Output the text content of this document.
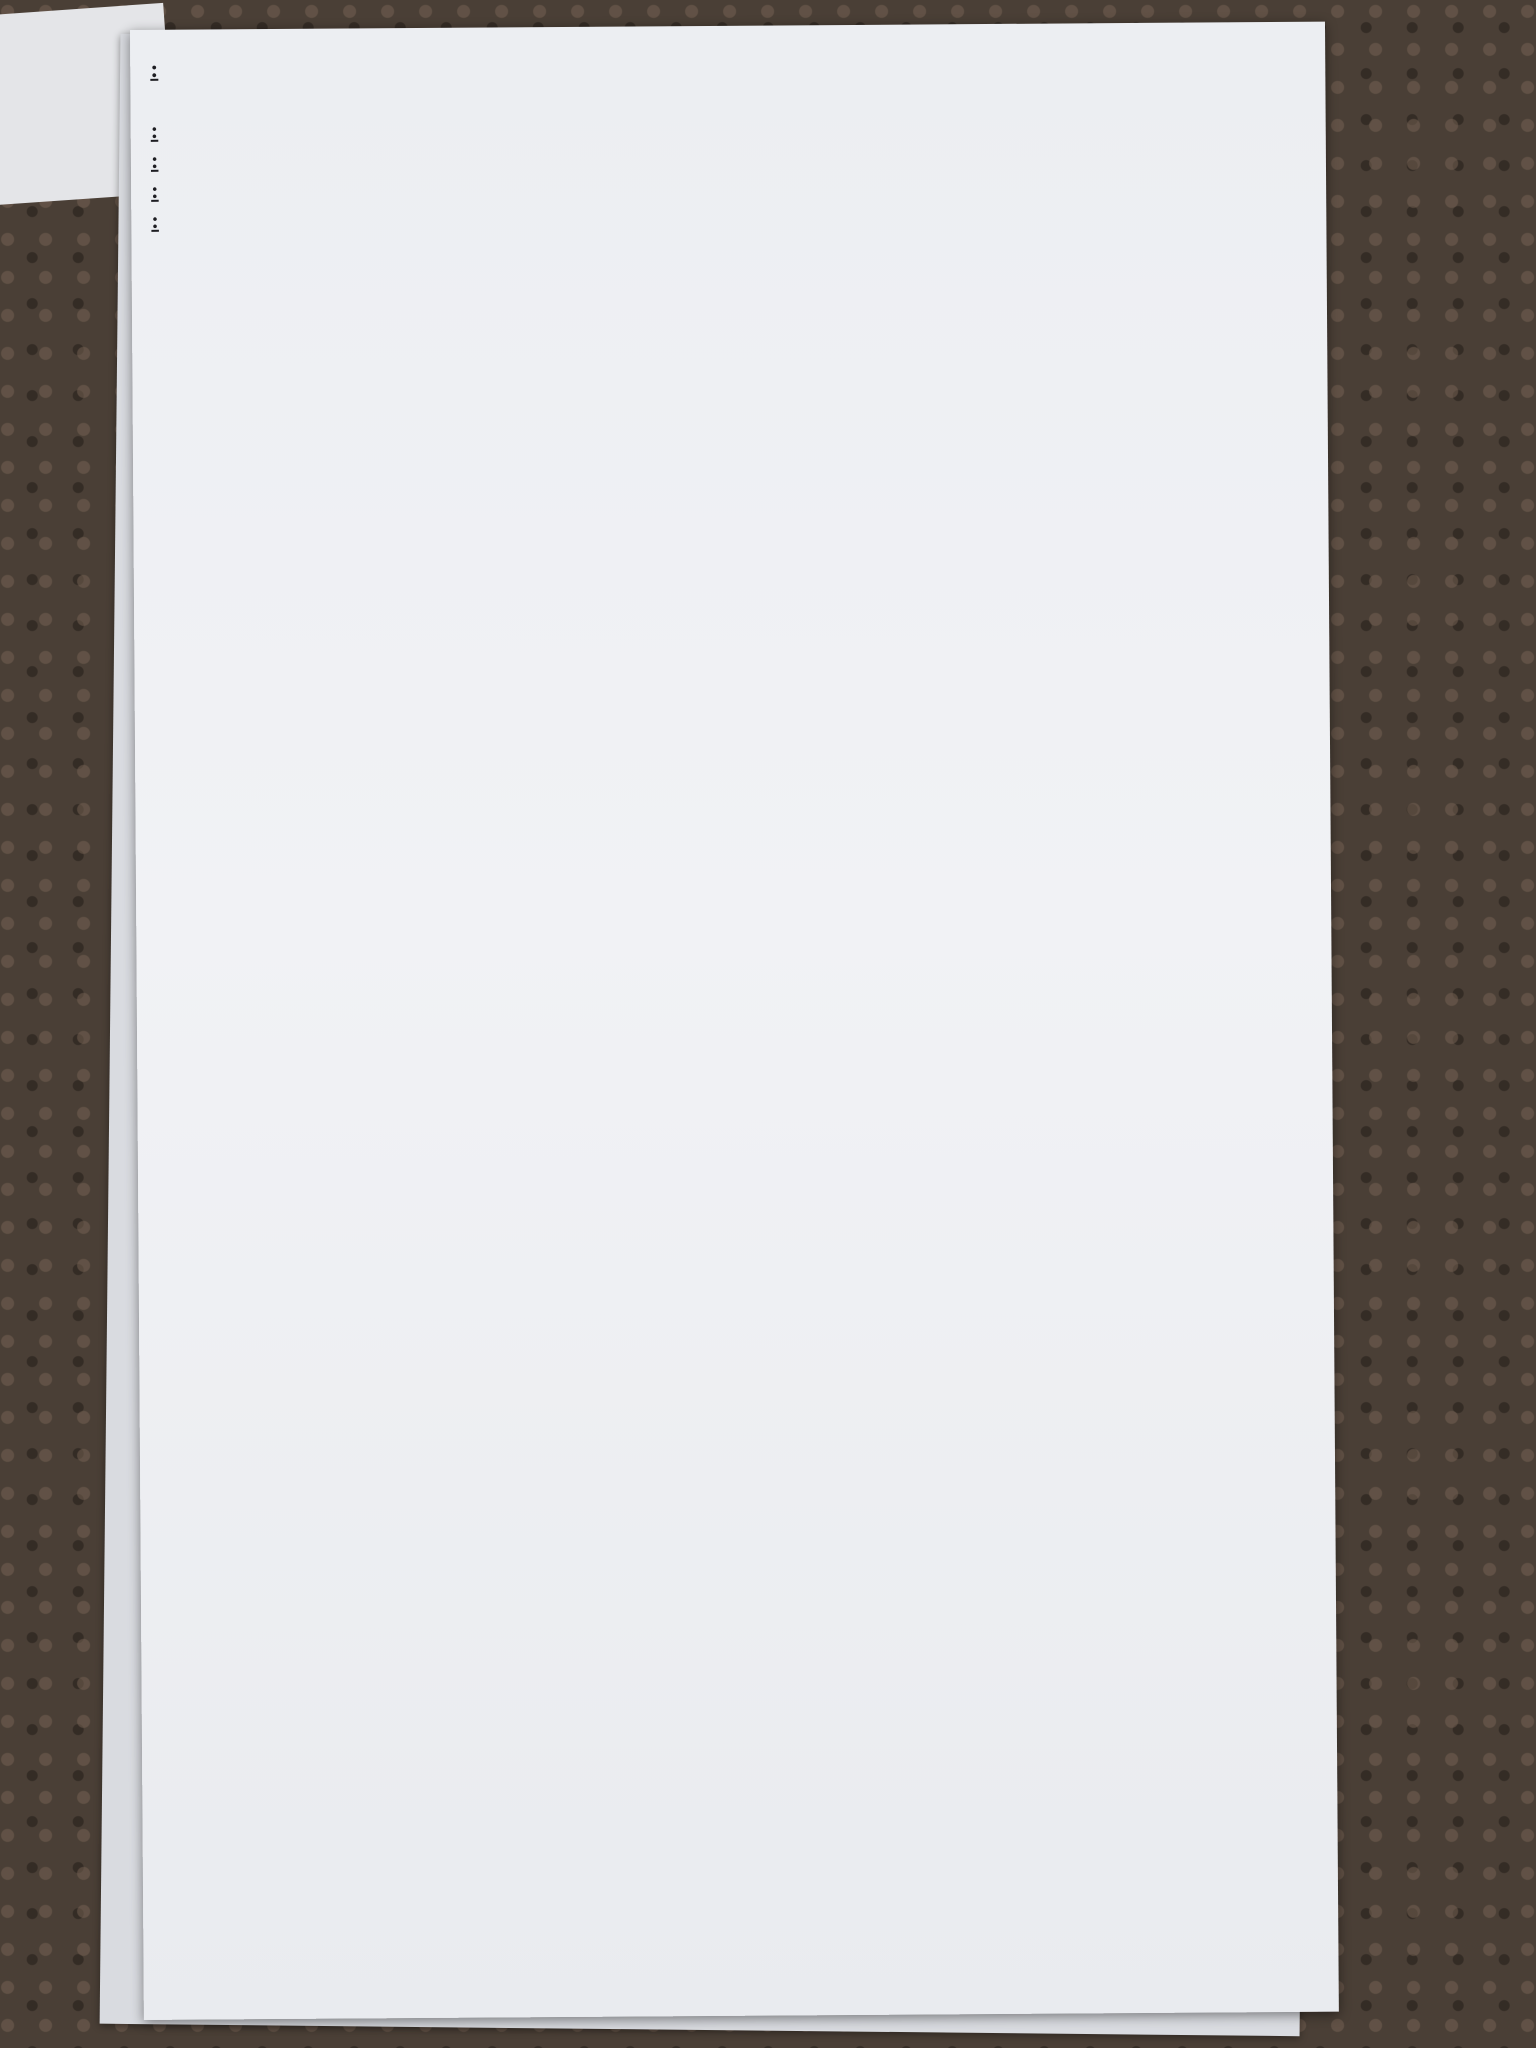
:
:
:
:
:
